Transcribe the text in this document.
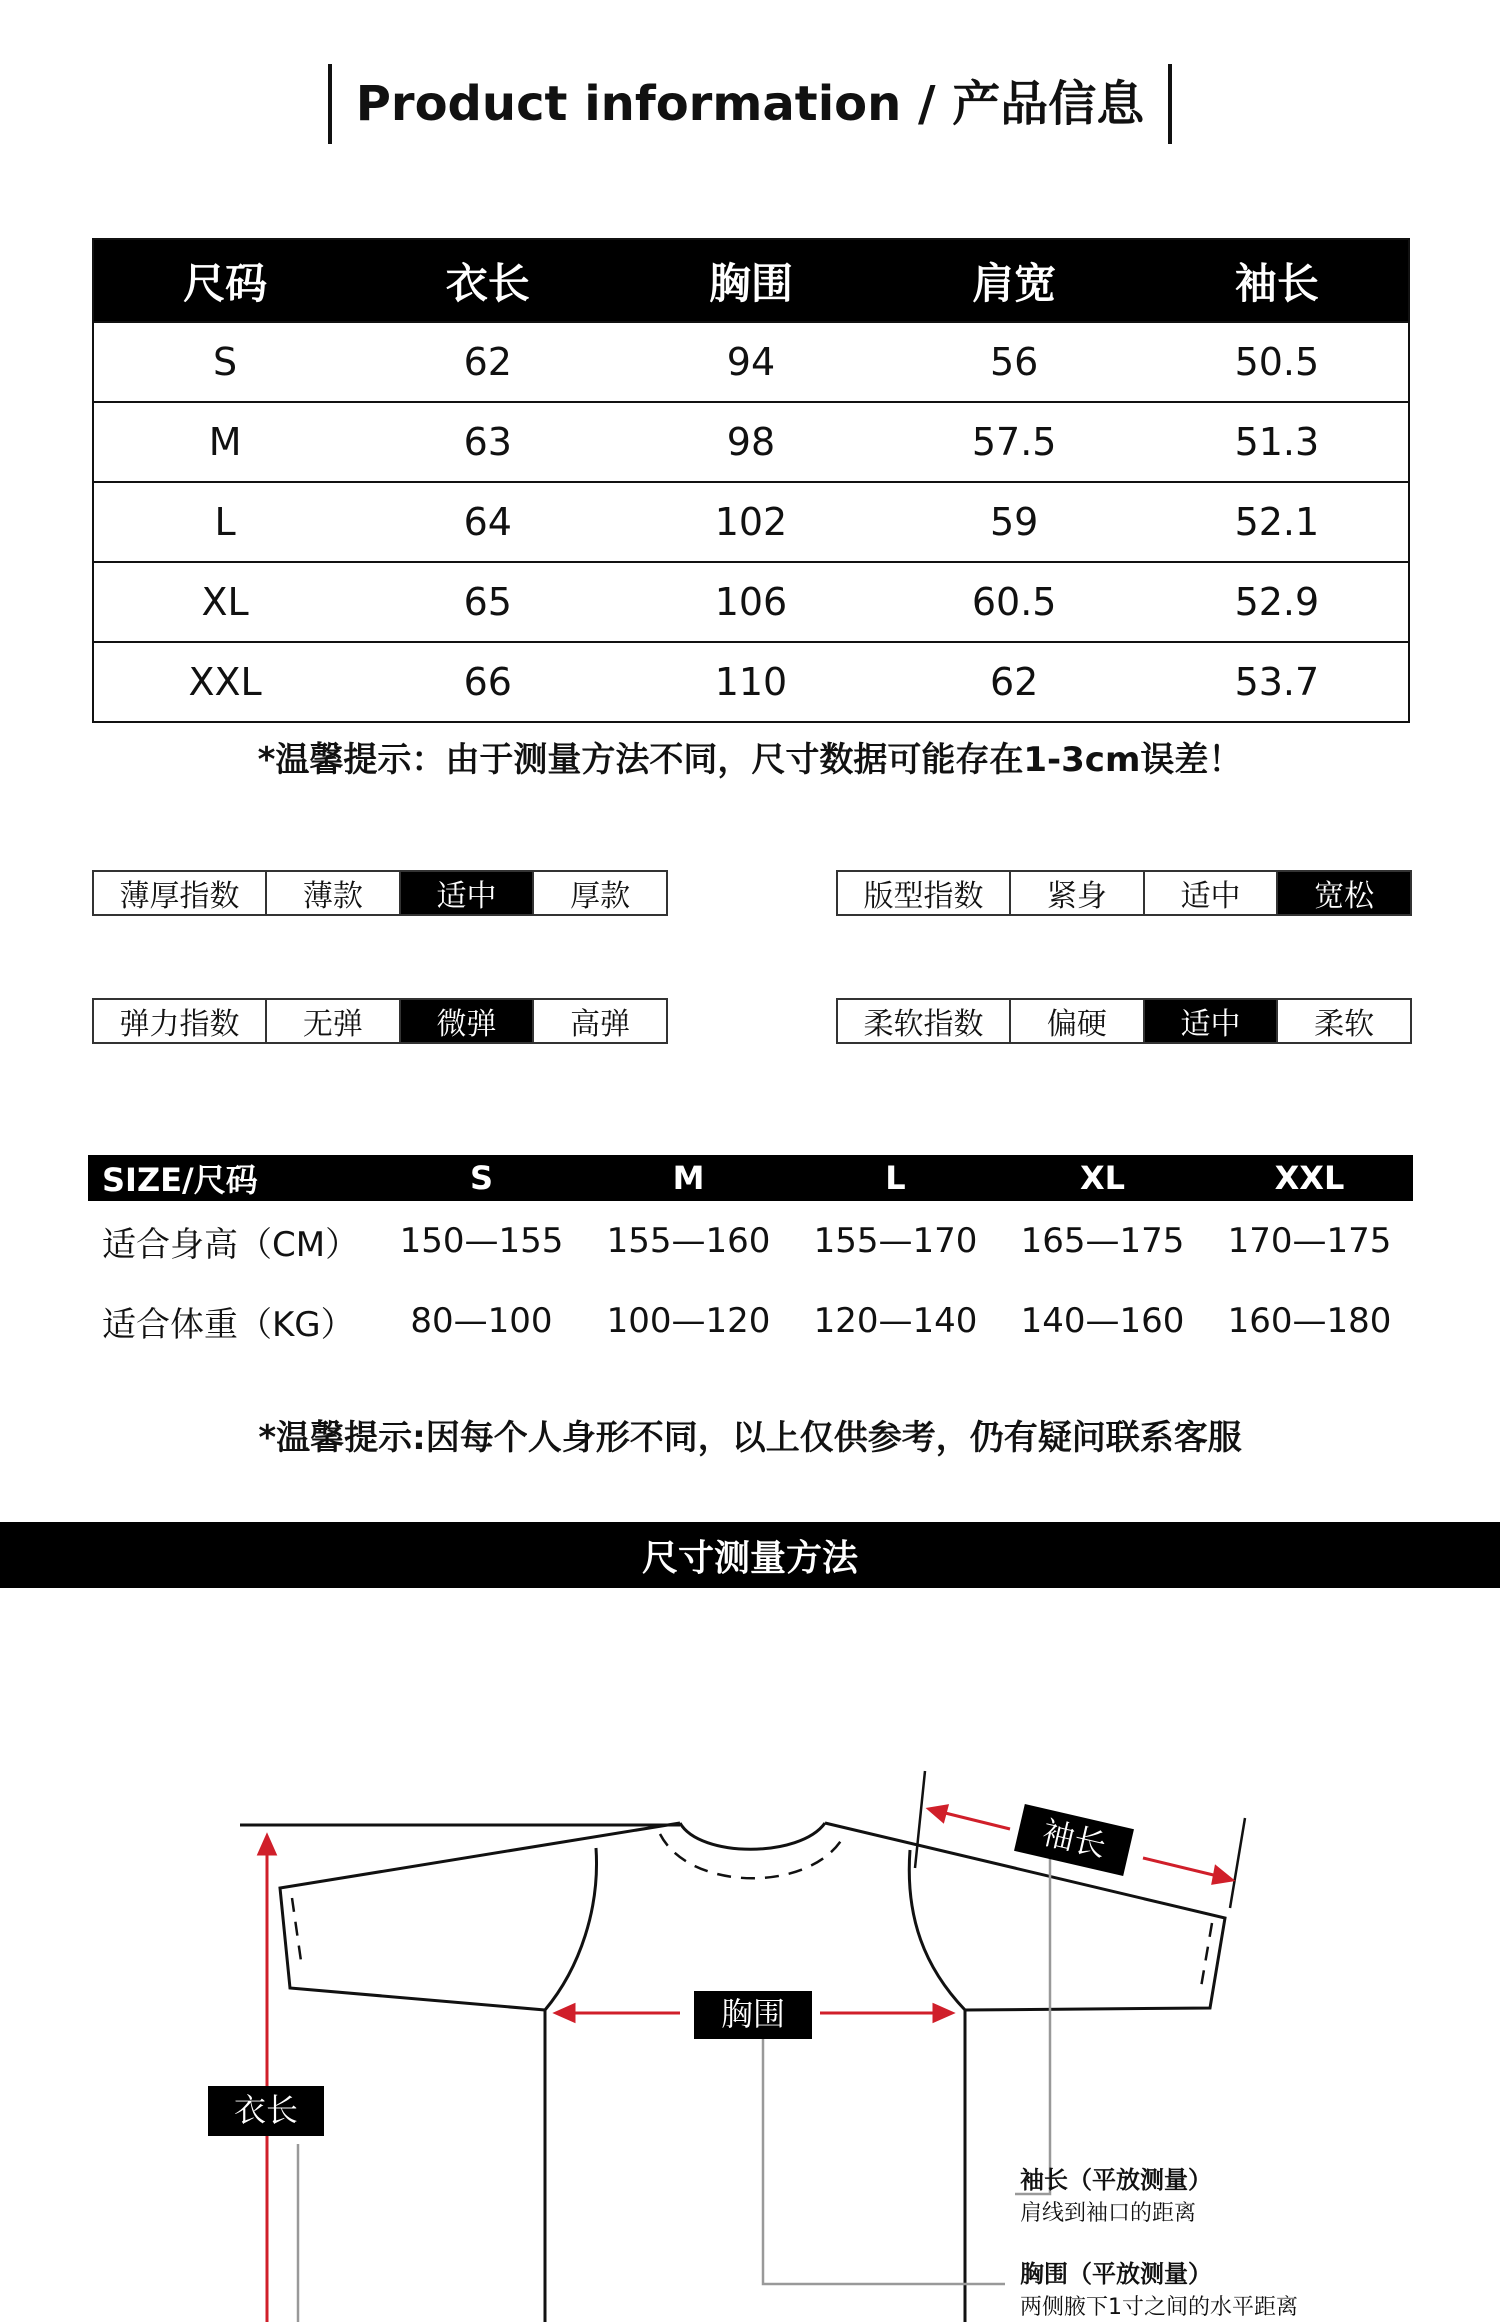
Product information / 产品信息
尺码	衣长	胸围	肩宽	袖长
S	62	94	56	50.5
M	63	98	57.5	51.3
L	64	102	59	52.1
XL	65	106	60.5	52.9
XXL	66	110	62	53.7
*温馨提示：由于测量方法不同，尺寸数据可能存在1-3cm误差！
薄厚指数	薄款	适中	厚款	版型指数	紧身	适中	宽松
弹力指数	无弹	微弹	高弹	柔软指数	偏硬	适中	柔软
SIZE/尺码	S	M	L	XL	XXL
适合身高（CM）	150—155	155—160	155—170	165—175	170—175
适合体重（KG）	80—100	100—120	120—140	140—160	160—180
*温馨提示:因每个人身形不同，以上仅供参考，仍有疑问联系客服
尺寸测量方法
袖长
胸围
衣长
袖长（平放测量）
肩线到袖口的距离
胸围（平放测量）
两侧腋下1寸之间的水平距离
